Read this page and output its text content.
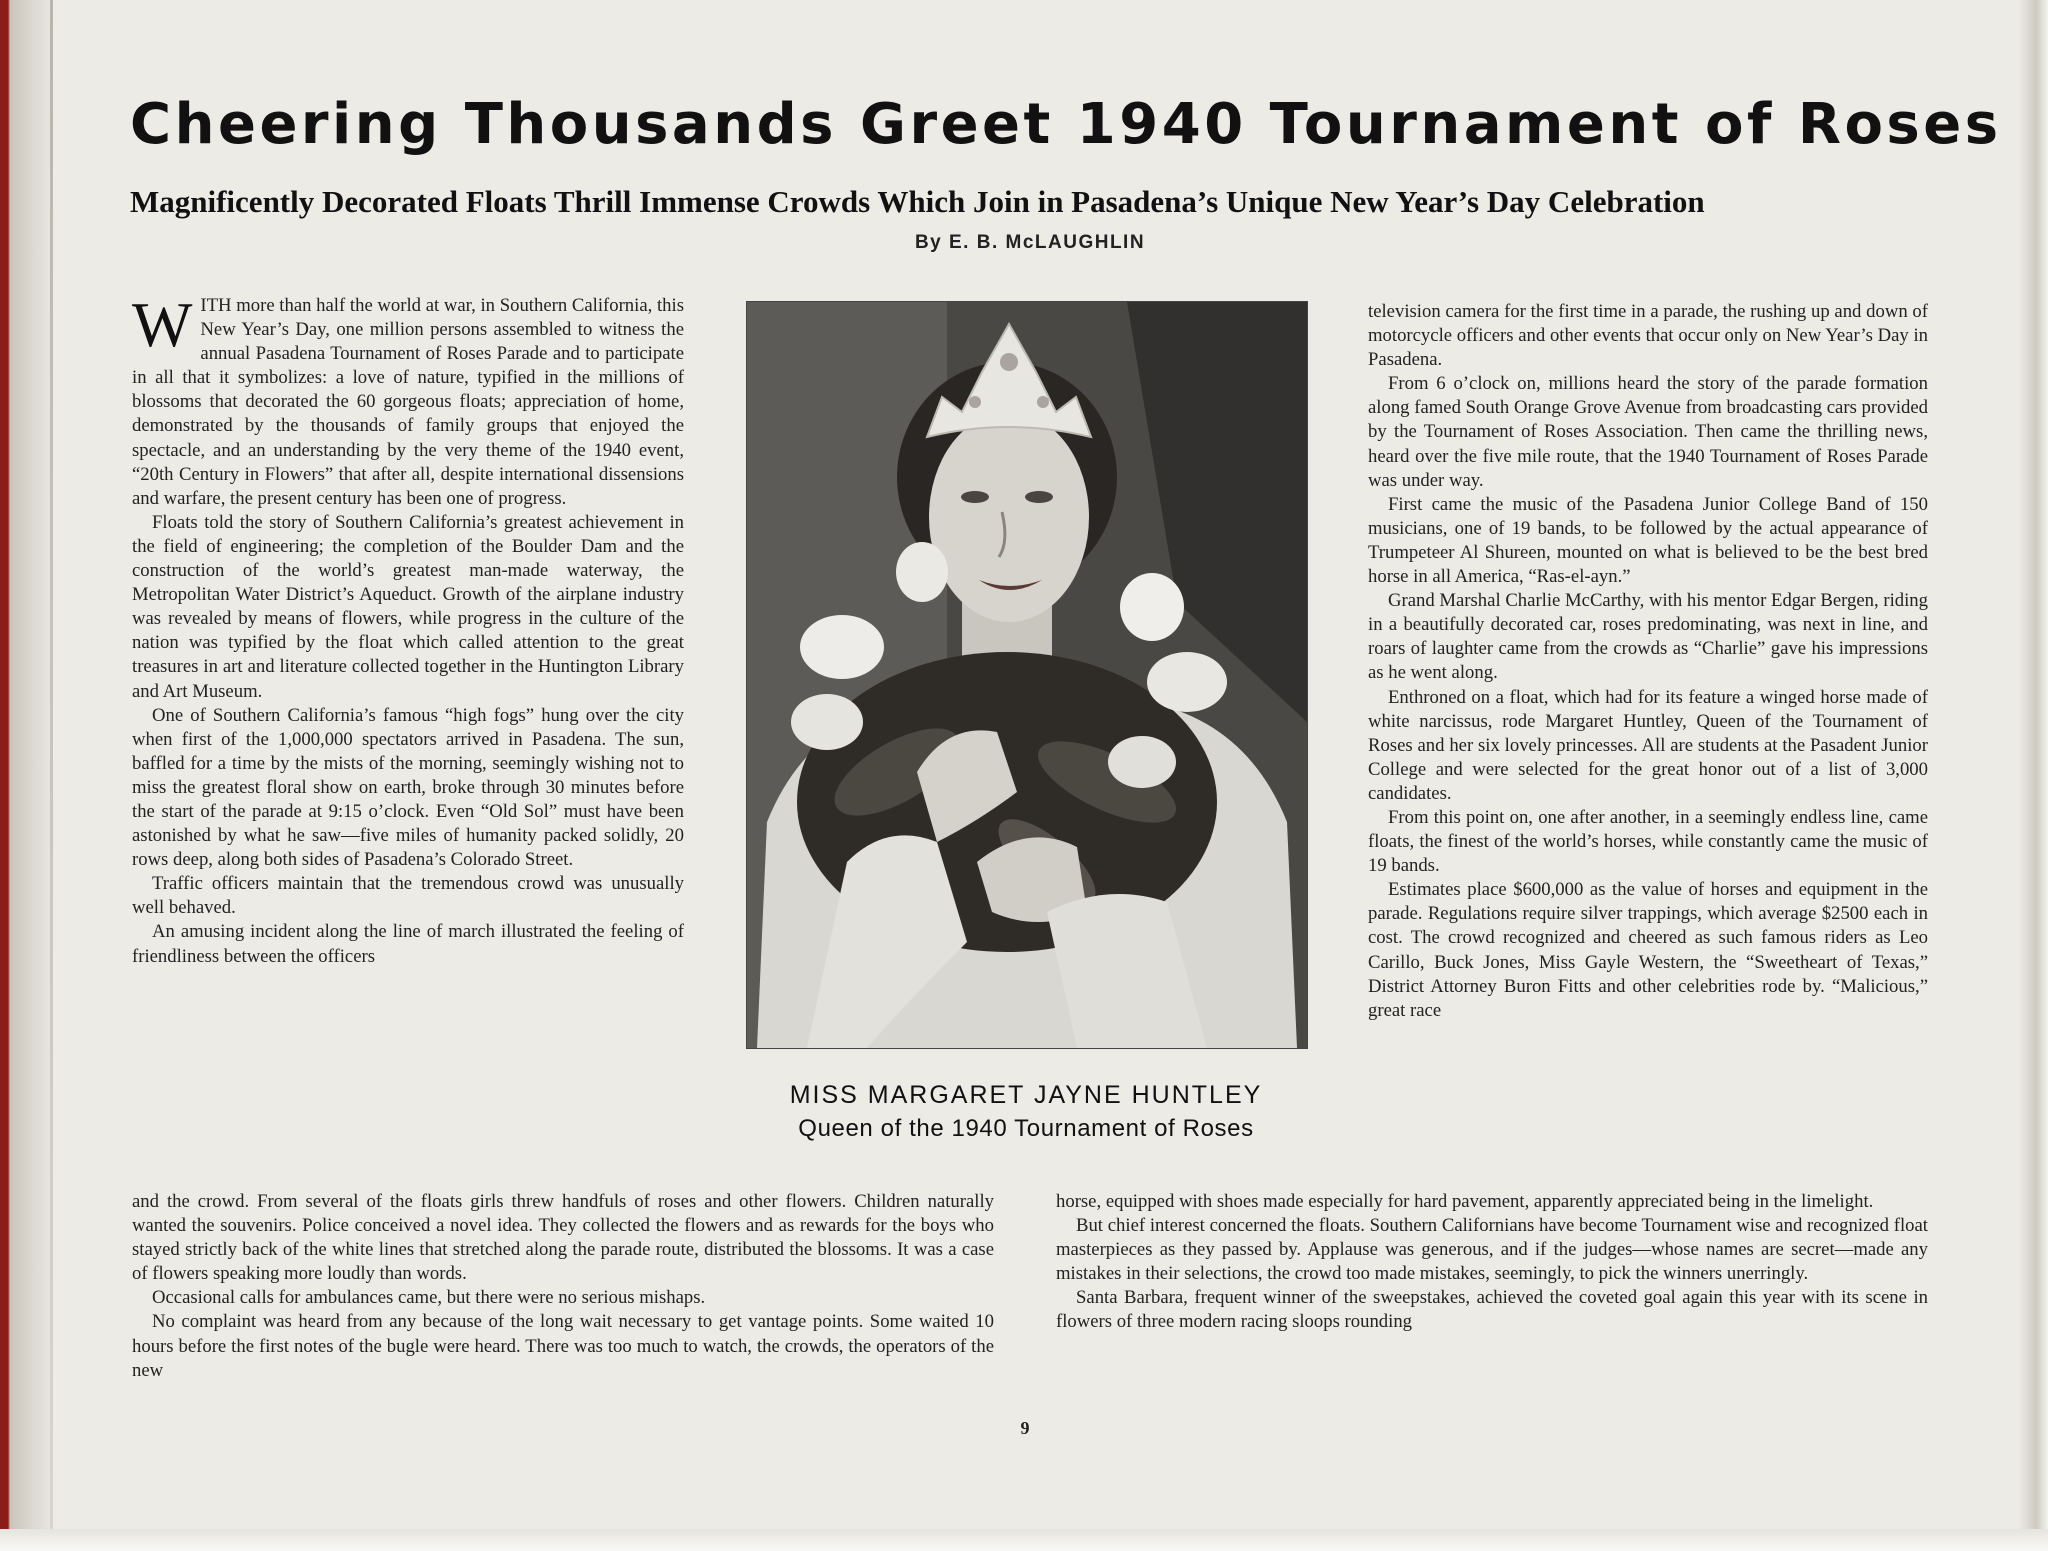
Cheering Thousands Greet 1940 Tournament of Roses
Magnificently Decorated Floats Thrill Immense Crowds Which Join in Pasadena’s Unique New Year’s Day Celebration
By E. B. McLAUGHLIN

WITH more than half the world at war, in Southern California, this New Year’s Day, one million persons assembled to witness the annual Pasadena Tournament of Roses Parade and to participate in all that it symbolizes: a love of nature, typified in the millions of blossoms that decorated the 60 gorgeous floats; appreciation of home, demonstrated by the thousands of family groups that enjoyed the spectacle, and an understanding by the very theme of the 1940 event, “20th Century in Flowers” that after all, despite international dissensions and warfare, the present century has been one of progress.

Floats told the story of Southern California’s greatest achievement in the field of engineering; the completion of the Boulder Dam and the construction of the world’s greatest man-made waterway, the Metropolitan Water District’s Aqueduct. Growth of the airplane industry was revealed by means of flowers, while progress in the culture of the nation was typified by the float which called attention to the great treasures in art and literature collected together in the Huntington Library and Art Museum.

One of Southern California’s famous “high fogs” hung over the city when first of the 1,000,000 spectators arrived in Pasadena. The sun, baffled for a time by the mists of the morning, seemingly wishing not to miss the greatest floral show on earth, broke through 30 minutes before the start of the parade at 9:15 o’clock. Even “Old Sol” must have been astonished by what he saw—five miles of humanity packed solidly, 20 rows deep, along both sides of Pasadena’s Colorado Street.

Traffic officers maintain that the tremendous crowd was unusually well behaved.

An amusing incident along the line of march illustrated the feeling of friendliness between the officers

MISS MARGARET JAYNE HUNTLEY
Queen of the 1940 Tournament of Roses

television camera for the first time in a parade, the rushing up and down of motorcycle officers and other events that occur only on New Year’s Day in Pasadena.

From 6 o’clock on, millions heard the story of the parade formation along famed South Orange Grove Avenue from broadcasting cars provided by the Tournament of Roses Association. Then came the thrilling news, heard over the five mile route, that the 1940 Tournament of Roses Parade was under way.

First came the music of the Pasadena Junior College Band of 150 musicians, one of 19 bands, to be followed by the actual appearance of Trumpeteer Al Shureen, mounted on what is believed to be the best bred horse in all America, “Ras-el-ayn.”

Grand Marshal Charlie McCarthy, with his mentor Edgar Bergen, riding in a beautifully decorated car, roses predominating, was next in line, and roars of laughter came from the crowds as “Charlie” gave his impressions as he went along.

Enthroned on a float, which had for its feature a winged horse made of white narcissus, rode Margaret Huntley, Queen of the Tournament of Roses and her six lovely princesses. All are students at the Pasadent Junior College and were selected for the great honor out of a list of 3,000 candidates.

From this point on, one after another, in a seemingly endless line, came floats, the finest of the world’s horses, while constantly came the music of 19 bands.

Estimates place $600,000 as the value of horses and equipment in the parade. Regulations require silver trappings, which average $2500 each in cost. The crowd recognized and cheered as such famous riders as Leo Carillo, Buck Jones, Miss Gayle Western, the “Sweetheart of Texas,” District Attorney Buron Fitts and other celebrities rode by. “Malicious,” great race

and the crowd. From several of the floats girls threw handfuls of roses and other flowers. Children naturally wanted the souvenirs. Police conceived a novel idea. They collected the flowers and as rewards for the boys who stayed strictly back of the white lines that stretched along the parade route, distributed the blossoms. It was a case of flowers speaking more loudly than words.

Occasional calls for ambulances came, but there were no serious mishaps.

No complaint was heard from any because of the long wait necessary to get vantage points. Some waited 10 hours before the first notes of the bugle were heard. There was too much to watch, the crowds, the operators of the new

horse, equipped with shoes made especially for hard pavement, apparently appreciated being in the limelight.

But chief interest concerned the floats. Southern Californians have become Tournament wise and recognized float masterpieces as they passed by. Applause was generous, and if the judges—whose names are secret—made any mistakes in their selections, the crowd too made mistakes, seemingly, to pick the winners unerringly.

Santa Barbara, frequent winner of the sweepstakes, achieved the coveted goal again this year with its scene in flowers of three modern racing sloops rounding

9
